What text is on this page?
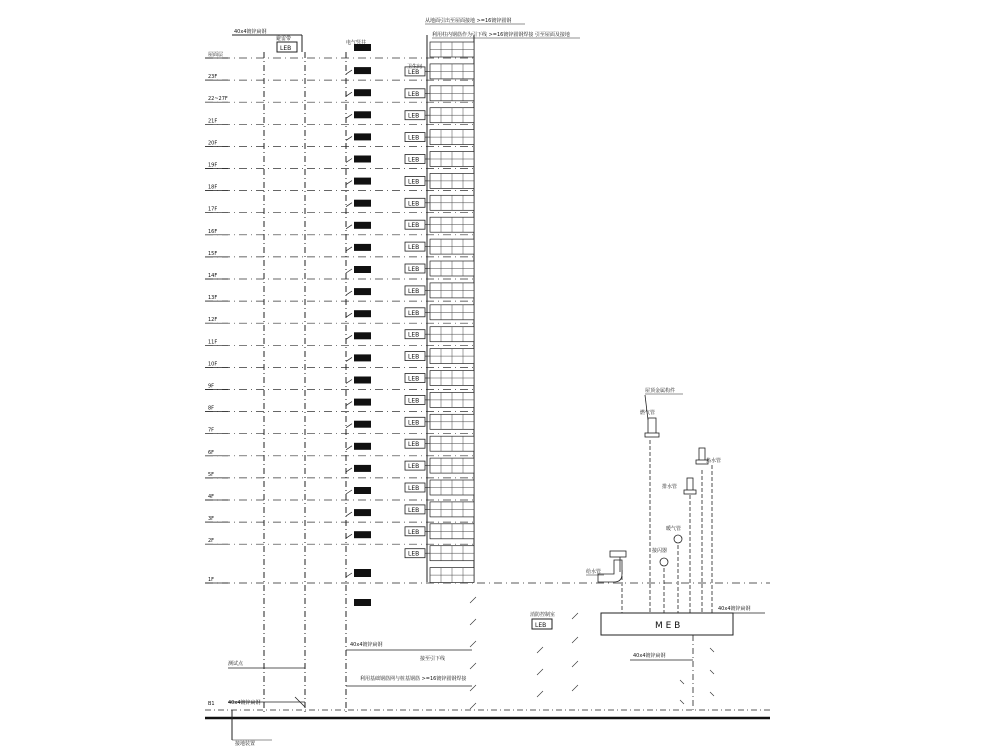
屋面层
23F
22~27F
21F
20F
19F
18F
17F
16F
15F
14F
13F
12F
11F
10F
9F
8F
7F
6F
5F
4F
3F
2F
1F
LEB
LEB
LEB
LEB
LEB
LEB
LEB
LEB
LEB
LEB
LEB
LEB
LEB
LEB
LEB
LEB
LEB
LEB
LEB
LEB
LEB
LEB
LEB
40x4镀锌扁钢
避雷带
LEB
电气竖井
从地面引出至屋面接地 >=16镀锌圆钢
利用柱内钢筋作为引下线 >=16镀锌圆钢焊接 引至屋面及接地
卫生间
40x4镀锌扁钢
接至引下线
利用基础钢筋网与桩基钢筋 >=16镀锌圆钢焊接
测试点
40x4镀锌扁钢
B1
接地装置
消防控制室
LEB	M E B
40x4镀锌扁钢
40x4镀锌扁钢
给水管
屋顶金属构件
燃气管
热水管
排水管
暖气管
接闪器
